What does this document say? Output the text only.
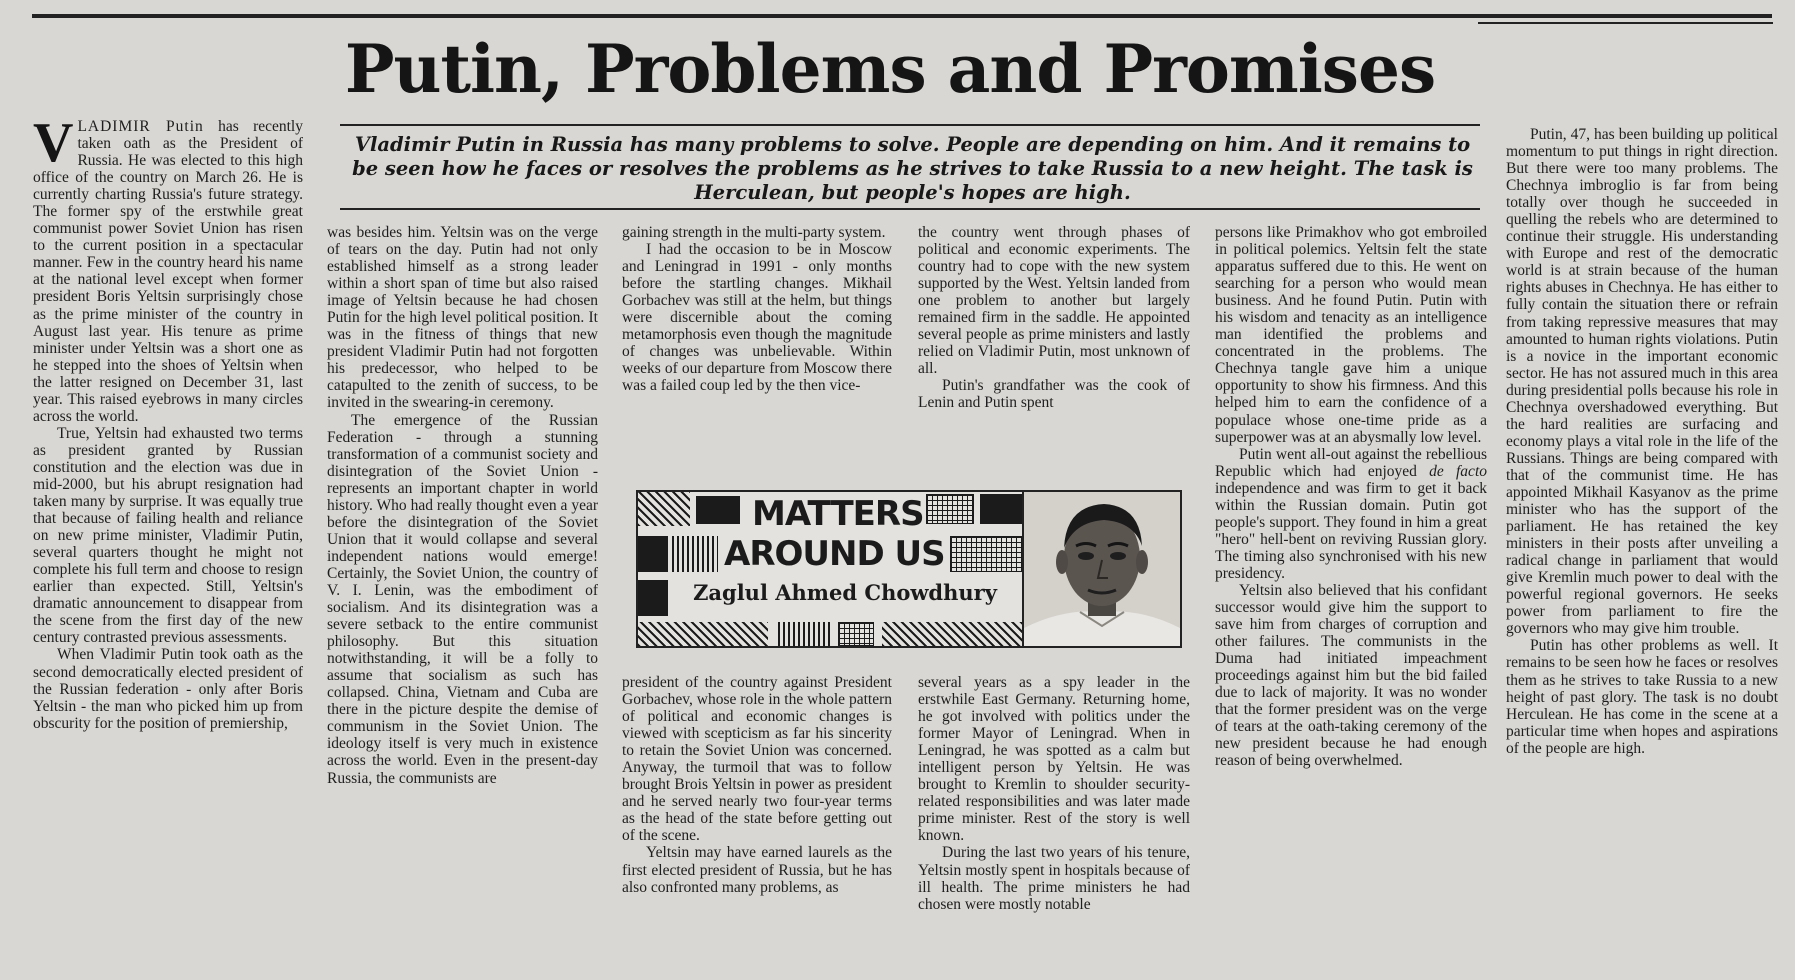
Putin, Problems and Promises

Vladimir Putin in Russia has many problems to solve. People are depending on him. And it remains to be seen how he faces or resolves the problems as he strives to take Russia to a new height. The task is Herculean, but people's hopes are high.

VLADIMIR Putin has recently taken oath as the President of Russia. He was elected to this high office of the country on March 26. He is currently charting Russia's future strategy. The former spy of the erstwhile great communist power Soviet Union has risen to the current position in a spectacular manner. Few in the country heard his name at the national level except when former president Boris Yeltsin surprisingly chose as the prime minister of the country in August last year. His tenure as prime minister under Yeltsin was a short one as he stepped into the shoes of Yeltsin when the latter resigned on December 31, last year. This raised eyebrows in many circles across the world.

True, Yeltsin had exhausted two terms as president granted by Russian constitution and the election was due in mid-2000, but his abrupt resignation had taken many by surprise. It was equally true that because of failing health and reliance on new prime minister, Vladimir Putin, several quarters thought he might not complete his full term and choose to resign earlier than expected. Still, Yeltsin's dramatic announcement to disappear from the scene from the first day of the new century contrasted previous assessments.

When Vladimir Putin took oath as the second democratically elected president of the Russian federation - only after Boris Yeltsin - the man who picked him up from obscurity for the position of premiership,

was besides him. Yeltsin was on the verge of tears on the day. Putin had not only established himself as a strong leader within a short span of time but also raised image of Yeltsin because he had chosen Putin for the high level political position. It was in the fitness of things that new president Vladimir Putin had not forgotten his predecessor, who helped to be catapulted to the zenith of success, to be invited in the swearing-in ceremony.

The emergence of the Russian Federation - through a stunning transformation of a communist society and disintegration of the Soviet Union - represents an important chapter in world history. Who had really thought even a year before the disintegration of the Soviet Union that it would collapse and several independent nations would emerge! Certainly, the Soviet Union, the country of V. I. Lenin, was the embodiment of socialism. And its disintegration was a severe setback to the entire communist philosophy. But this situation notwithstanding, it will be a folly to assume that socialism as such has collapsed. China, Vietnam and Cuba are there in the picture despite the demise of communism in the Soviet Union. The ideology itself is very much in existence across the world. Even in the present-day Russia, the communists are

gaining strength in the multi-party system.

I had the occasion to be in Moscow and Leningrad in 1991 - only months before the startling changes. Mikhail Gorbachev was still at the helm, but things were discernible about the coming metamorphosis even though the magnitude of changes was unbelievable. Within weeks of our departure from Moscow there was a failed coup led by the then vice-

the country went through phases of political and economic experiments. The country had to cope with the new system supported by the West. Yeltsin landed from one problem to another but largely remained firm in the saddle. He appointed several people as prime ministers and lastly relied on Vladimir Putin, most unknown of all.

Putin's grandfather was the cook of Lenin and Putin spent

MATTERS
AROUND US
Zaglul Ahmed Chowdhury

president of the country against President Gorbachev, whose role in the whole pattern of political and economic changes is viewed with scepticism as far his sincerity to retain the Soviet Union was concerned. Anyway, the turmoil that was to follow brought Brois Yeltsin in power as president and he served nearly two four-year terms as the head of the state before getting out of the scene.

Yeltsin may have earned laurels as the first elected president of Russia, but he has also confronted many problems, as

several years as a spy leader in the erstwhile East Germany. Returning home, he got involved with politics under the former Mayor of Leningrad. When in Leningrad, he was spotted as a calm but intelligent person by Yeltsin. He was brought to Kremlin to shoulder security-related responsibilities and was later made prime minister. Rest of the story is well known.

During the last two years of his tenure, Yeltsin mostly spent in hospitals because of ill health. The prime ministers he had chosen were mostly notable

persons like Primakhov who got embroiled in political polemics. Yeltsin felt the state apparatus suffered due to this. He went on searching for a person who would mean business. And he found Putin. Putin with his wisdom and tenacity as an intelligence man identified the problems and concentrated in the problems. The Chechnya tangle gave him a unique opportunity to show his firmness. And this helped him to earn the confidence of a populace whose one-time pride as a superpower was at an abysmally low level.

Putin went all-out against the rebellious Republic which had enjoyed de facto independence and was firm to get it back within the Russian domain. Putin got people's support. They found in him a great "hero" hell-bent on reviving Russian glory. The timing also synchronised with his new presidency.

Yeltsin also believed that his confidant successor would give him the support to save him from charges of corruption and other failures. The communists in the Duma had initiated impeachment proceedings against him but the bid failed due to lack of majority. It was no wonder that the former president was on the verge of tears at the oath-taking ceremony of the new president because he had enough reason of being overwhelmed.

Putin, 47, has been building up political momentum to put things in right direction. But there were too many problems. The Chechnya imbroglio is far from being totally over though he succeeded in quelling the rebels who are determined to continue their struggle. His understanding with Europe and rest of the democratic world is at strain because of the human rights abuses in Chechnya. He has either to fully contain the situation there or refrain from taking repressive measures that may amounted to human rights violations. Putin is a novice in the important economic sector. He has not assured much in this area during presidential polls because his role in Chechnya overshadowed everything. But the hard realities are surfacing and economy plays a vital role in the life of the Russians. Things are being compared with that of the communist time. He has appointed Mikhail Kasyanov as the prime minister who has the support of the parliament. He has retained the key ministers in their posts after unveiling a radical change in parliament that would give Kremlin much power to deal with the powerful regional governors. He seeks power from parliament to fire the governors who may give him trouble.

Putin has other problems as well. It remains to be seen how he faces or resolves them as he strives to take Russia to a new height of past glory. The task is no doubt Herculean. He has come in the scene at a particular time when hopes and aspirations of the people are high.
